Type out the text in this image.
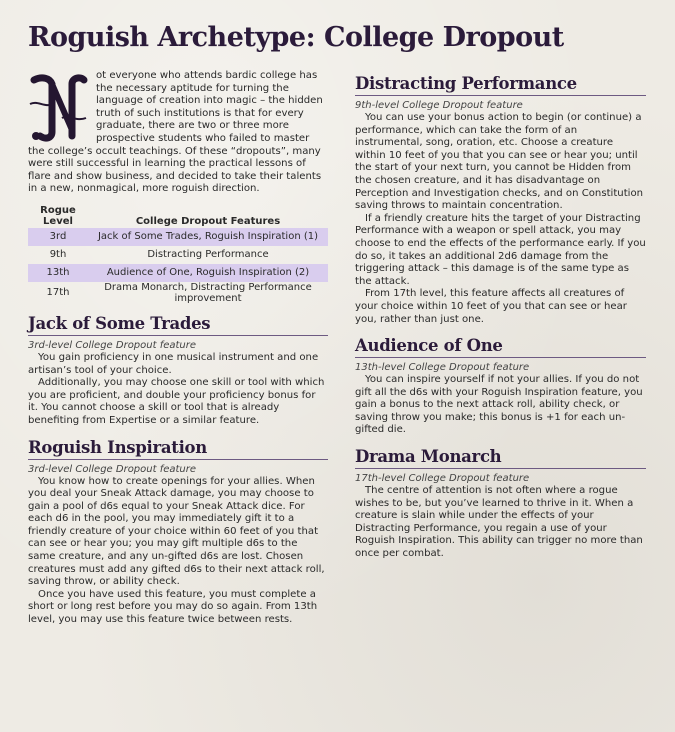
Roguish Archetype: College Dropout

ot everyone who attends bardic college has the necessary aptitude for turning the language of creation into magic – the hidden truth of such institutions is that for every graduate, there are two or three more prospective students who failed to master the college’s occult teachings. Of these “dropouts”, many were still successful in learning the practical lessons of flare and show business, and decided to take their talents in a new, nonmagical, more roguish direction.

Rogue Level	College Dropout Features
3rd	Jack of Some Trades, Roguish Inspiration (1)
9th	Distracting Performance
13th	Audience of One, Roguish Inspiration (2)
17th	Drama Monarch, Distracting Performance improvement
Jack of Some Trades
3rd-level College Dropout feature

You gain proficiency in one musical instrument and one artisan’s tool of your choice.

Additionally, you may choose one skill or tool with which you are proficient, and double your proficiency bonus for it. You cannot choose a skill or tool that is already benefiting from Expertise or a similar feature.

Roguish Inspiration
3rd-level College Dropout feature

You know how to create openings for your allies. When you deal your Sneak Attack damage, you may choose to gain a pool of d6s equal to your Sneak Attack dice. For each d6 in the pool, you may immediately gift it to a friendly creature of your choice within 60 feet of you that can see or hear you; you may gift multiple d6s to the same creature, and any un-gifted d6s are lost. Chosen creatures must add any gifted d6s to their next attack roll, saving throw, or ability check.

Once you have used this feature, you must complete a short or long rest before you may do so again. From 13th level, you may use this feature twice between rests.

Distracting Performance
9th-level College Dropout feature

You can use your bonus action to begin (or continue) a performance, which can take the form of an instrumental, song, oration, etc. Choose a creature within 10 feet of you that you can see or hear you; until the start of your next turn, you cannot be Hidden from the chosen creature, and it has disadvantage on Perception and Investigation checks, and on Constitution saving throws to maintain concentration.

If a friendly creature hits the target of your Distracting Performance with a weapon or spell attack, you may choose to end the effects of the performance early. If you do so, it takes an additional 2d6 damage from the triggering attack – this damage is of the same type as the attack.

From 17th level, this feature affects all creatures of your choice within 10 feet of you that can see or hear you, rather than just one.

Audience of One
13th-level College Dropout feature

You can inspire yourself if not your allies. If you do not gift all the d6s with your Roguish Inspiration feature, you gain a bonus to the next attack roll, ability check, or saving throw you make; this bonus is +1 for each un-gifted die.

Drama Monarch
17th-level College Dropout feature

The centre of attention is not often where a rogue wishes to be, but you’ve learned to thrive in it. When a creature is slain while under the effects of your Distracting Performance, you regain a use of your Roguish Inspiration. This ability can trigger no more than once per combat.
